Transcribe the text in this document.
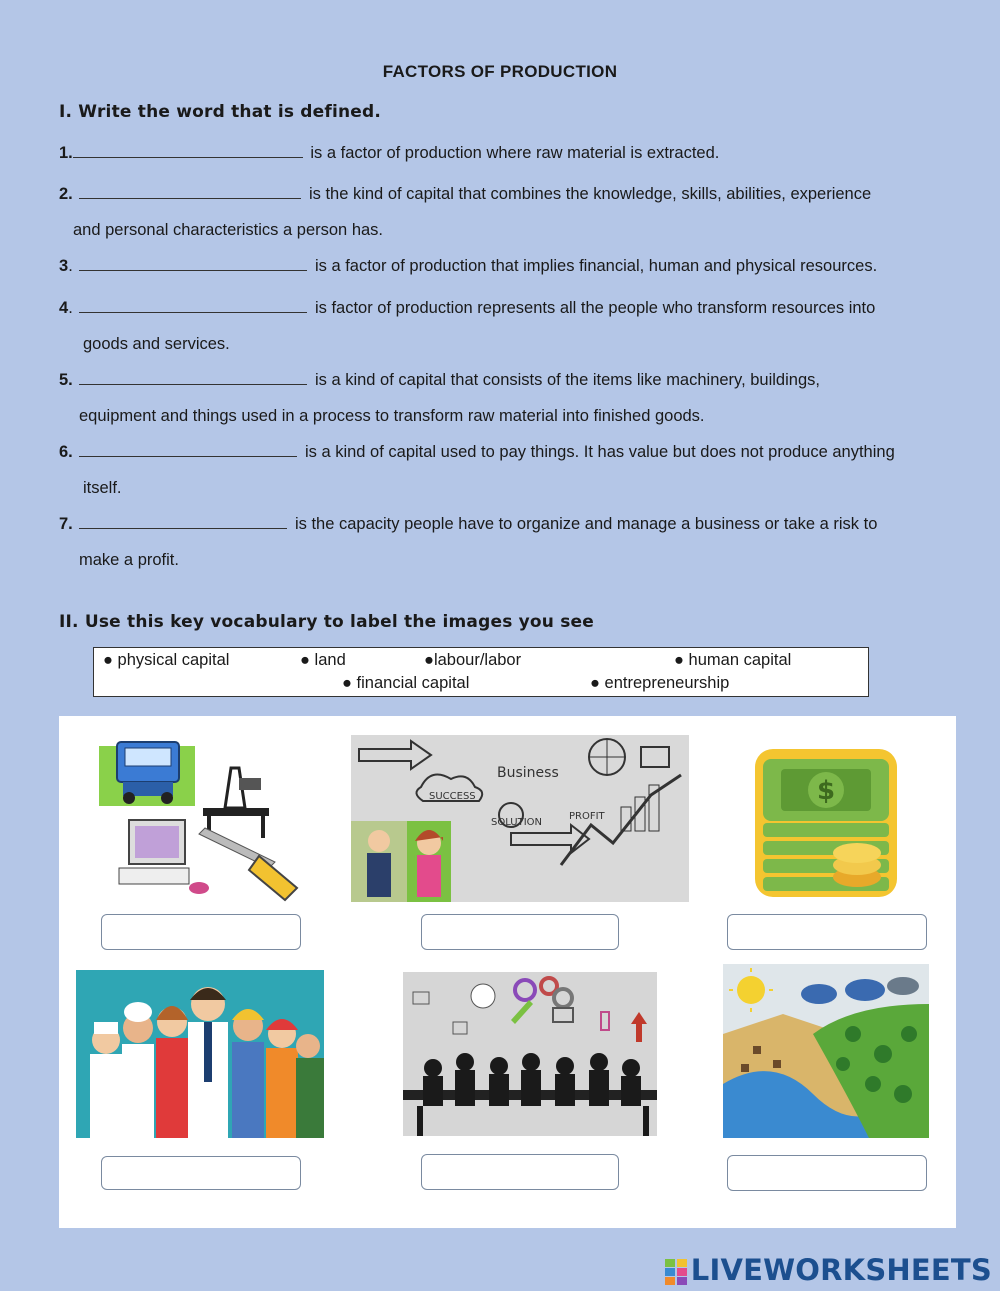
FACTORS OF PRODUCTION
I. Write the word that is defined.
1.	is a factor of production where raw material is extracted.
2.	is the kind of capital that combines the knowledge, skills, abilities, experience
and personal characteristics a person has.
3.	is a factor of production that implies financial, human and physical resources.
4.	is factor of production represents all the people who transform resources into
goods and services.
5.	is a kind of capital that consists of the items like machinery, buildings,
equipment and things used in a process to transform raw material into finished goods.
6.	is a kind of capital used to pay things. It has value but does not produce anything
itself.
7.	is the capacity people have to organize and manage a business or take a risk to
make a profit.
II. Use this key vocabulary to label the images you see
● physical capital	● land	●labour/labor	● human capital
● financial capital	● entrepreneurship
Business
SUCCESS
PROFIT
SOLUTION
$
LIVEWORKSHEETS
